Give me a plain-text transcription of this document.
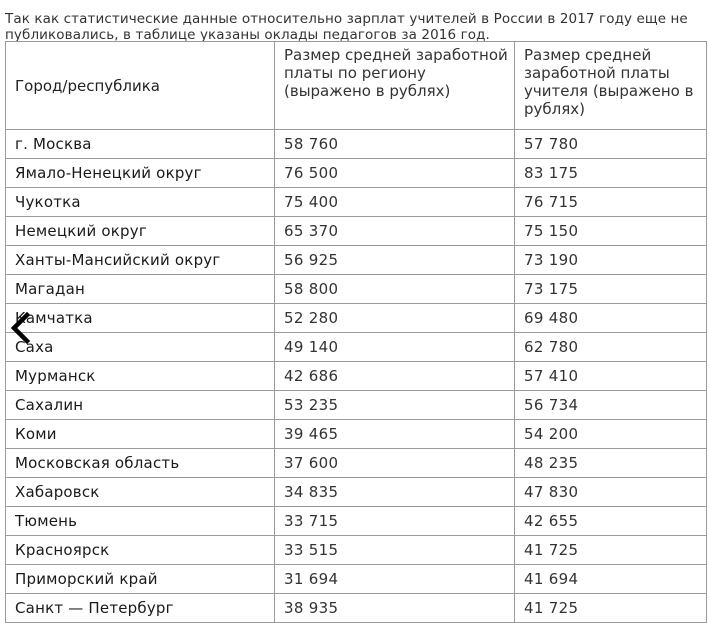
Так как статистические данные относительно зарплат учителей в России в 2017 году еще не публиковались, в таблице указаны оклады педагогов за 2016 год.

Город/республика	Размер средней заработной платы по региону (выражено в рублях)	Размер средней заработной платы учителя (выражено в рублях)
г. Москва	58 760	57 780
Ямало-Ненецкий округ	76 500	83 175
Чукотка	75 400	76 715
Немецкий округ	65 370	75 150
Ханты-Мансийский округ	56 925	73 190
Магадан	58 800	73 175
Камчатка	52 280	69 480
Саха	49 140	62 780
Мурманск	42 686	57 410
Сахалин	53 235	56 734
Коми	39 465	54 200
Московская область	37 600	48 235
Хабаровск	34 835	47 830
Тюмень	33 715	42 655
Красноярск	33 515	41 725
Приморский край	31 694	41 694
Санкт — Петербург	38 935	41 725
